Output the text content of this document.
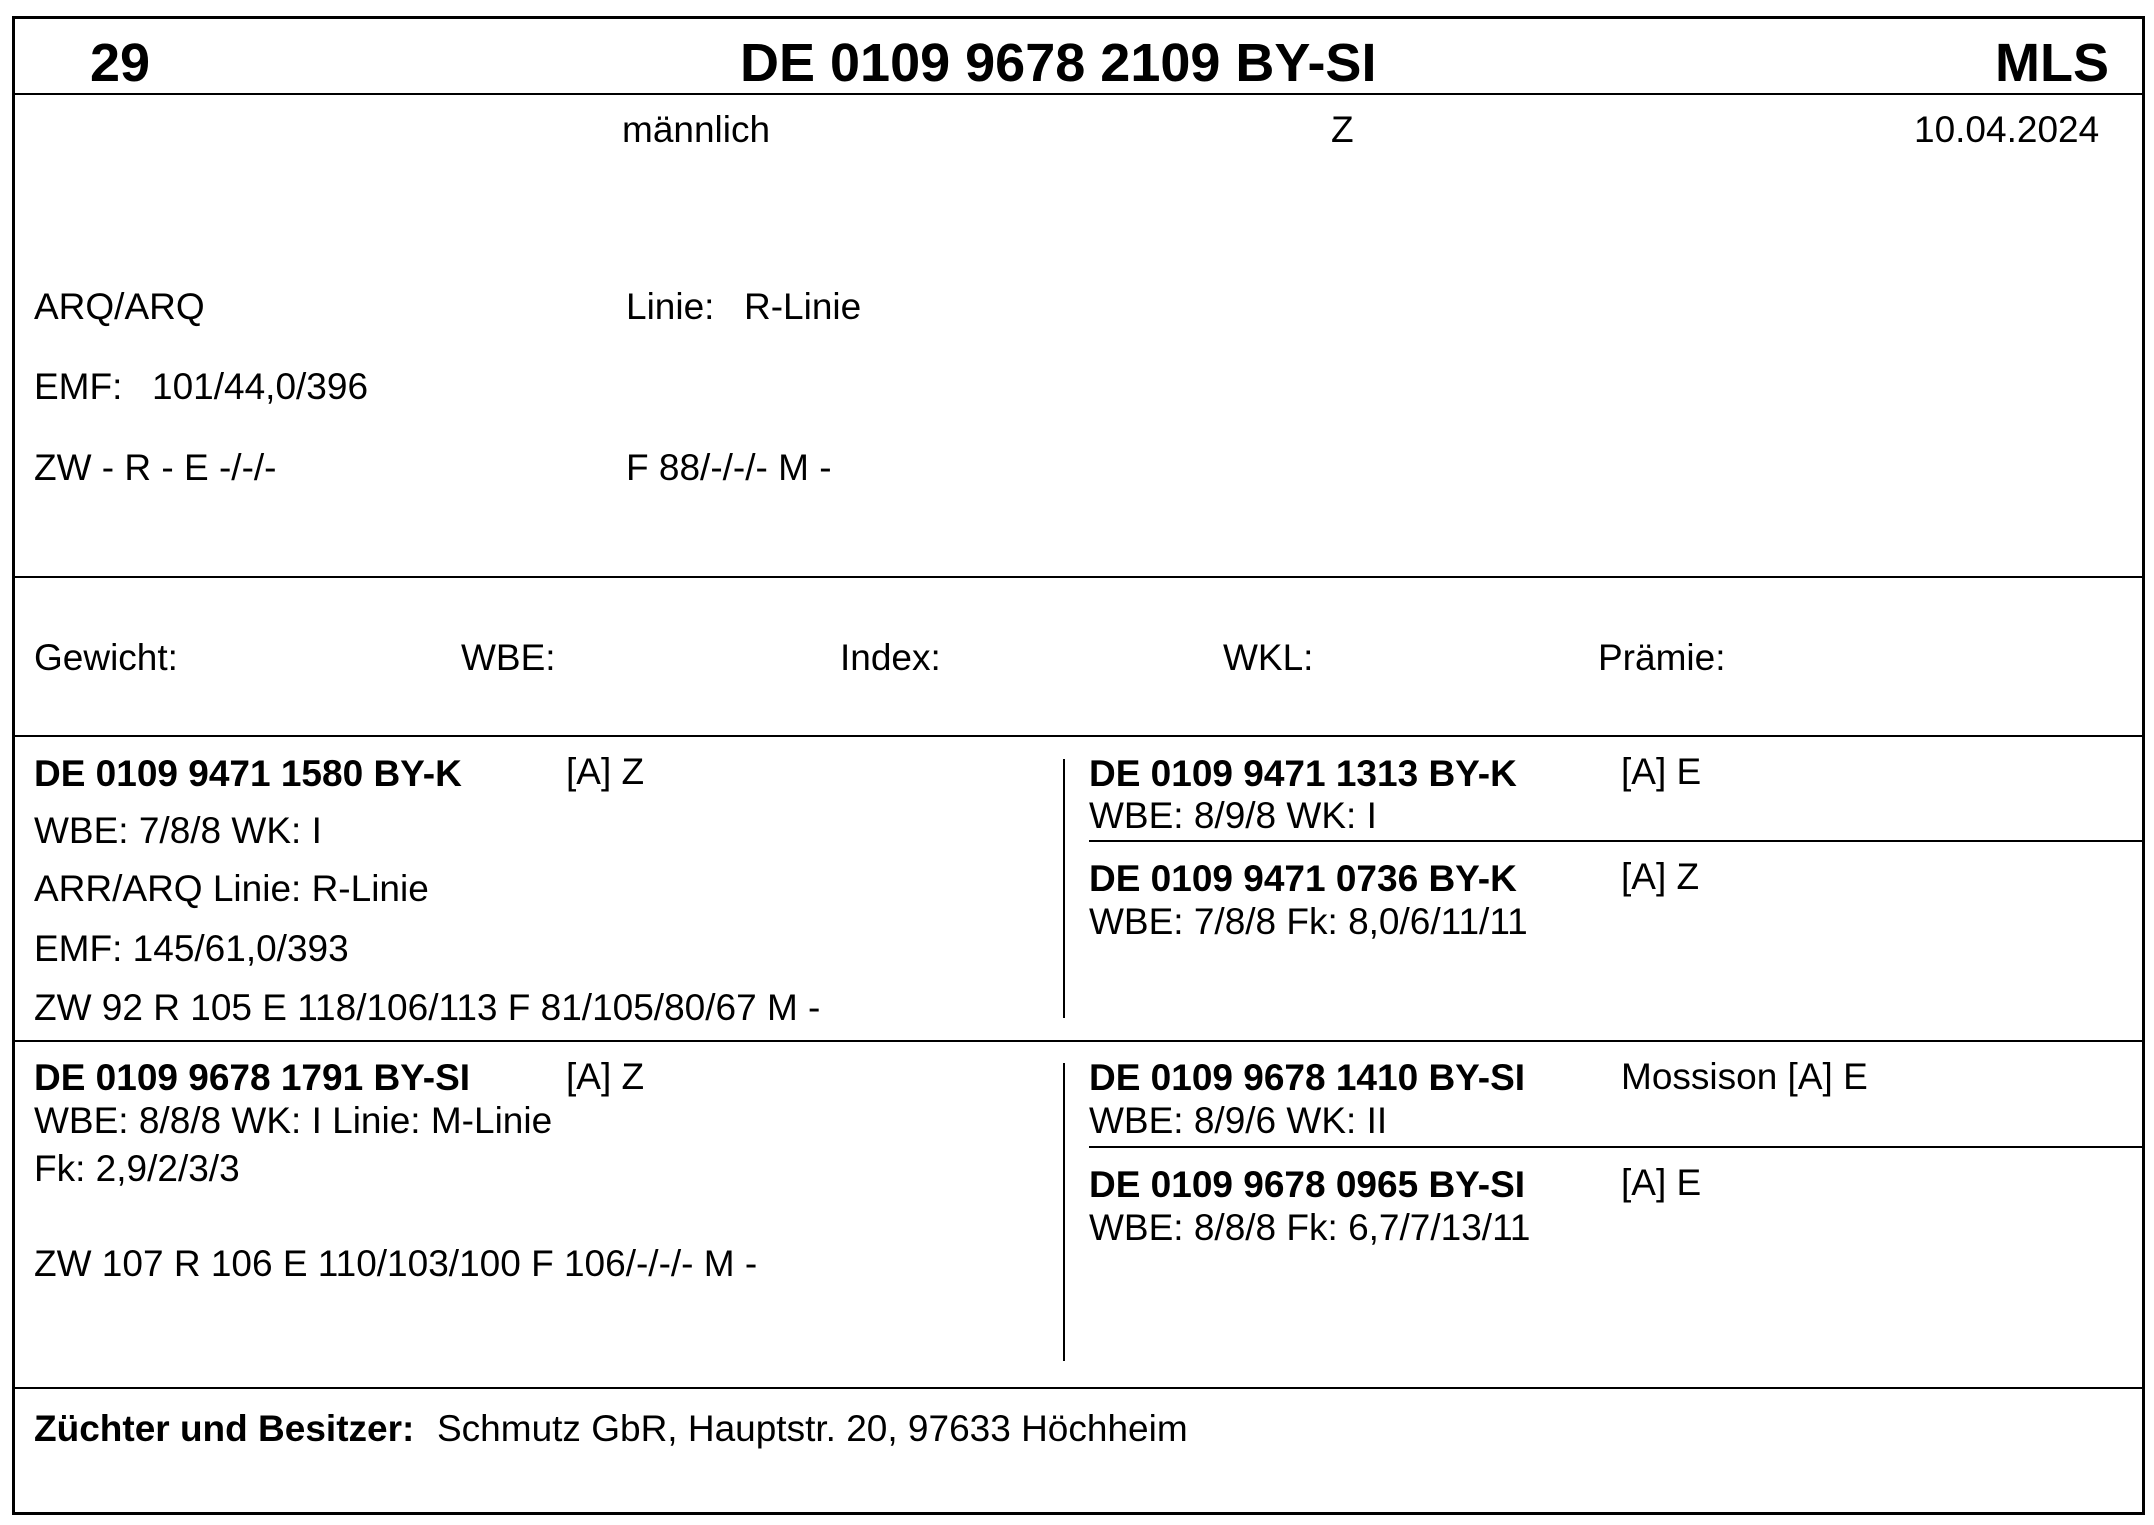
29	DE 0109 9678 2109 BY-SI	MLS
männlich	Z	10.04.2024
ARQ/ARQ	Linie: R-Linie
EMF: 101/44,0/396
ZW - R - E -/-/-	F 88/-/-/- M -
Gewicht:	WBE:	Index:	WKL:	Prämie:
DE 0109 9471 1580 BY-K	[A] Z
WBE: 7/8/8 WK: I
ARR/ARQ Linie: R-Linie
EMF: 145/61,0/393
ZW 92 R 105 E 118/106/113 F 81/105/80/67 M -
DE 0109 9471 1313 BY-K	[A] E
WBE: 8/9/8 WK: I
DE 0109 9471 0736 BY-K	[A] Z
WBE: 7/8/8 Fk: 8,0/6/11/11
DE 0109 9678 1791 BY-SI	[A] Z
WBE: 8/8/8 WK: I Linie: M-Linie
Fk: 2,9/2/3/3
ZW 107 R 106 E 110/103/100 F 106/-/-/- M -
DE 0109 9678 1410 BY-SI	Mossison [A] E
WBE: 8/9/6 WK: II
DE 0109 9678 0965 BY-SI	[A] E
WBE: 8/8/8 Fk: 6,7/7/13/11
Züchter und Besitzer: Schmutz GbR, Hauptstr. 20, 97633 Höchheim
